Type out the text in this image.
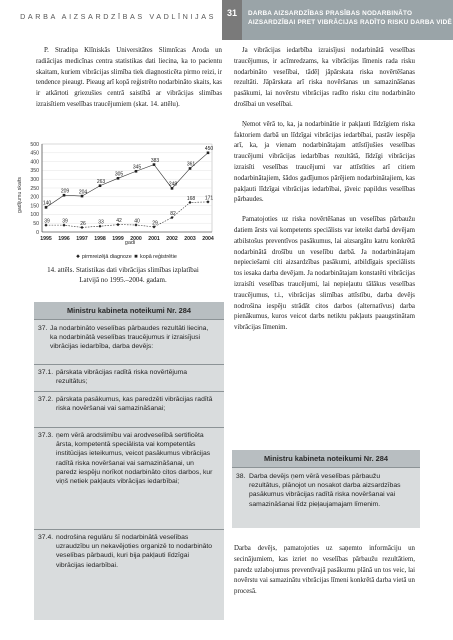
DARBA AIZSARDZĪBAS VADLĪNIJAS	31	DARBA AIZSARDZĪBAS PRASĪBAS NODARBINĀTO
AIZSARDZĪBAI PRET VIBRĀCIJAS RADĪTO RISKU DARBA VIDĒ

P. Stradiņa Klīniskās Universitātes Slimnīcas Aroda un radiācijas medicīnas centra statistikas dati liecina, ka to pacientu skaitam, kuriem vibrācijas slimība tiek diagnosticēta pirmo reizi, ir tendence pieaugt. Pieaug arī kopā reģistrēto nodarbināto skaits, kas ir atkārtoti griezušies centrā saistībā ar vibrācijas slimības izraisītiem veselības traucējumiem (skat. 14. attēlu).

gadījumu skaits
0
50
100
150
200
250
300
350
400
450
500
1995 1996 1997 1998 1999 2000 2001 2002 2003 2004
39 39 26 33 42 40 29
82
168 171
140
209 204
263
305
345
383
248
361
450
gadi
pirmreizējā diagnoze kopā reģistrētie
14. attēls. Statistikas dati vibrācijas slimības izplatībai Latvijā no 1995.–2004. gadam.
Ministru kabineta noteikumi Nr. 284
37. Ja nodarbināto veselības pārbaudes rezultāti liecina, ka nodarbinātā veselības traucējumus ir izraisījusi vibrācijas iedarbība, darba devējs:
37.1. pārskata vibrācijas radītā riska novērtējuma rezultātus;
37.2. pārskata pasākumus, kas paredzēti vibrācijas radītā riska novēršanai vai samazināšanai;
37.3. ņem vērā arodslimību vai arodveselībā sertificēta ārsta, kompetentā speciālista vai kompetentās institūcijas ieteikumus, veicot pasākumus vibrācijas radītā riska novēršanai vai samazināšanai, un paredz iespēju norīkot nodarbināto citos darbos, kur viņš netiek pakļauts vibrācijas iedarbībai;
37.4. nodrošina regulāru šī nodarbinātā veselības uzraudzību un nekavējoties organizē to nodarbināto veselības pārbaudi, kuri bija pakļauti līdzīgai vibrācijas iedarbībai.

Ja vibrācijas iedarbība izraisījusi nodarbinātā veselības traucējumus, ir acīmredzams, ka vibrācijas līmenis rada risku nodarbināto veselībai, tādēļ jāpārskata riska novērtēšanas rezultāti. Jāpārskata arī riska novēršanas un samazināšanas pasākumi, lai novērstu vibrācijas radīto risku citu nodarbināto drošībai un veselībai.

Ņemot vērā to, ka, ja nodarbinātie ir pakļauti līdzīgiem riska faktoriem darbā un līdzīgai vibrācijas iedarbībai, pastāv iespēja arī, ka, ja vienam nodarbinātajam attīstījušies veselības traucējumi vibrācijas iedarbības rezultātā, līdzīgi vibrācijas izraisīti veselības traucējumi var attīstīties arī citiem nodarbinātajiem, šādos gadījumos pārējiem nodarbinātajiem, kas pakļauti līdzīgai vibrācijas iedarbībai, jāveic papildus veselības pārbaudes.

Pamatojoties uz riska novērtēšanas un veselības pārbaužu datiem ārsts vai kompetents speciālists var ieteikt darbā devējam atbilstošus preventīvos pasākumus, lai aizsargātu katru konkrētā nodarbinātā drošību un veselību darbā. Ja nodarbinātajam nepieciešami citi aizsardzības pasākumi, atbildīgais speciālists tos iesaka darba devējam. Ja nodarbinātajam konstatēti vibrācijas izraisīti veselības traucējumi, lai nepieļautu tālākus veselības traucējumus, t.i., vibrācijas slimības attīstību, darba devējs nodrošina iespēju strādāt citos darbos (alternatīvus) darba pienākumus, kuros veicot darbs netiktu pakļauts paaugstinātam vibrācijas līmenim.

Ministru kabineta noteikumi Nr. 284
38. Darba devējs ņem vērā veselības pārbaužu rezultātus, plānojot un nosakot darba aizsardzības pasākumus vibrācijas radītā riska novēršanai vai samazināšanai līdz pieļaujamajam līmenim.

Darba devējs, pamatojoties uz saņemto informāciju un secinājumiem, kas izriet no veselības pārbaužu rezultātiem, paredz uzlabojumus preventīvajā pasākumu plānā un tos veic, lai novērstu vai samazinātu vibrācijas līmeni konkrētā darba vietā un procesā.
